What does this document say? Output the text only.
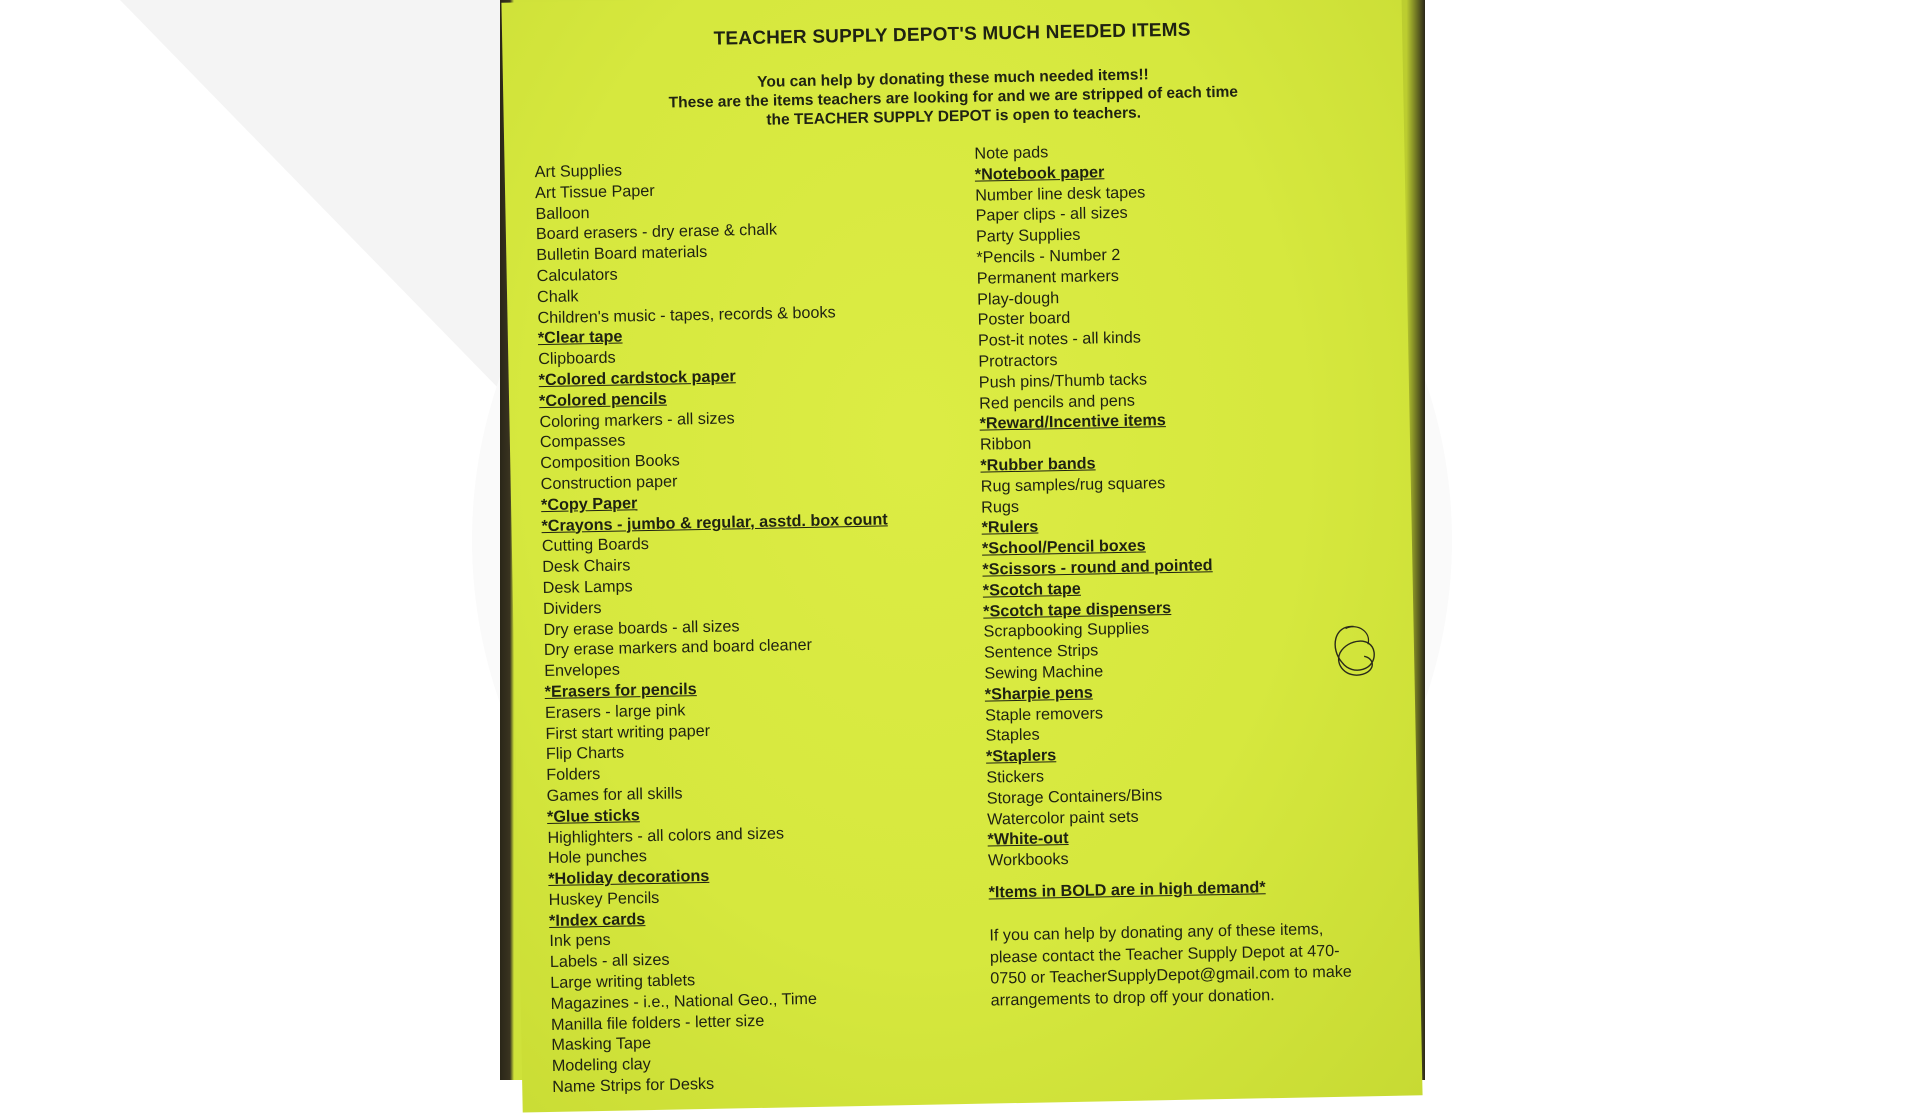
TEACHER SUPPLY DEPOT'S MUCH NEEDED ITEMS
You can help by donating these much needed items!!
These are the items teachers are looking for and we are stripped of each time
the TEACHER SUPPLY DEPOT is open to teachers.
Art Supplies
Art Tissue Paper
Balloon
Board erasers - dry erase & chalk
Bulletin Board materials
Calculators
Chalk
Children's music - tapes, records & books
*Clear tape
Clipboards
*Colored cardstock paper
*Colored pencils
Coloring markers - all sizes
Compasses
Composition Books
Construction paper
*Copy Paper
*Crayons - jumbo & regular, asstd. box count
Cutting Boards
Desk Chairs
Desk Lamps
Dividers
Dry erase boards - all sizes
Dry erase markers and board cleaner
Envelopes
*Erasers for pencils
Erasers - large pink
First start writing paper
Flip Charts
Folders
Games for all skills
*Glue sticks
Highlighters - all colors and sizes
Hole punches
*Holiday decorations
Huskey Pencils
*Index cards
Ink pens
Labels - all sizes
Large writing tablets
Magazines - i.e., National Geo., Time
Manilla file folders - letter size
Masking Tape
Modeling clay
Name Strips for Desks
Note pads
*Notebook paper
Number line desk tapes
Paper clips - all sizes
Party Supplies
*Pencils - Number 2
Permanent markers
Play-dough
Poster board
Post-it notes - all kinds
Protractors
Push pins/Thumb tacks
Red pencils and pens
*Reward/Incentive items
Ribbon
*Rubber bands
Rug samples/rug squares
Rugs
*Rulers
*School/Pencil boxes
*Scissors - round and pointed
*Scotch tape
*Scotch tape dispensers
Scrapbooking Supplies
Sentence Strips
Sewing Machine
*Sharpie pens
Staple removers
Staples
*Staplers
Stickers
Storage Containers/Bins
Watercolor paint sets
*White-out
Workbooks
*Items in BOLD are in high demand*
If you can help by donating any of these items, please contact the Teacher Supply Depot at 470-0750 or TeacherSupplyDepot@gmail.com to make arrangements to drop off your donation.
